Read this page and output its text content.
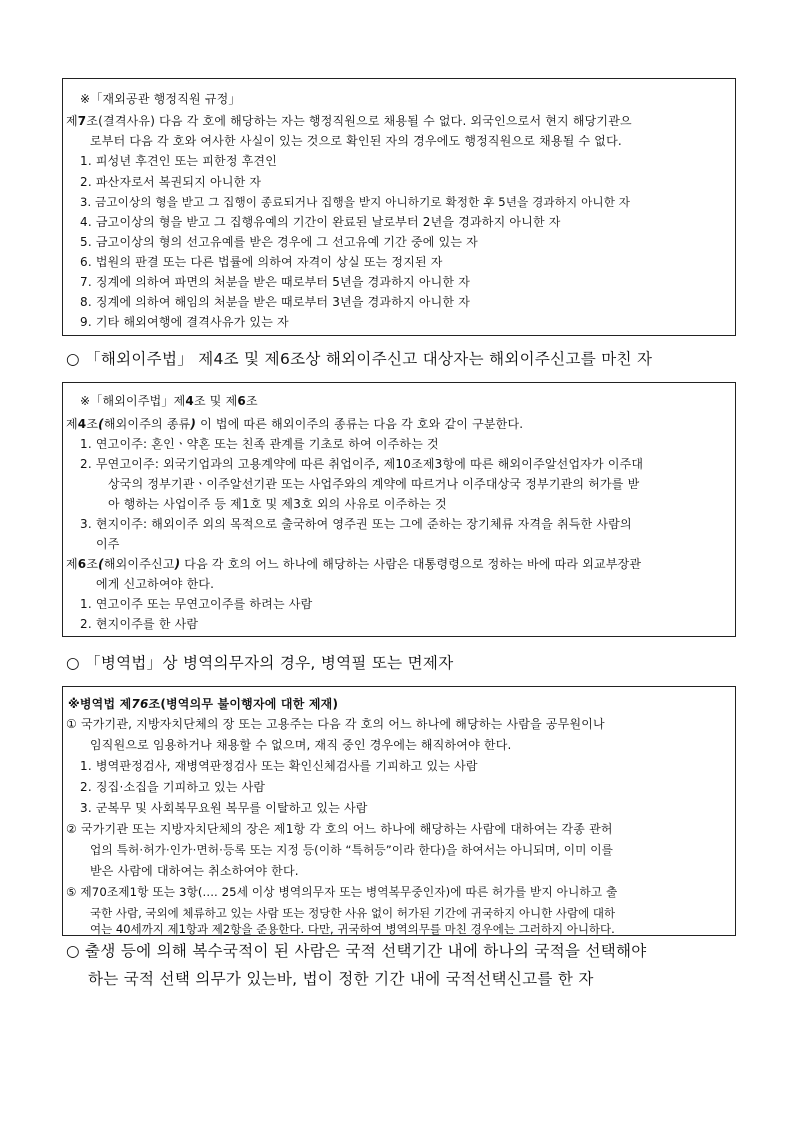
※「재외공관 행정직원 규정」
제7조(결격사유) 다음 각 호에 해당하는 자는 행정직원으로 채용될 수 없다. 외국인으로서 현지 해당기관으
로부터 다음 각 호와 여사한 사실이 있는 것으로 확인된 자의 경우에도 행정직원으로 채용될 수 없다.
1. 피성년 후견인 또는 피한정 후견인
2. 파산자로서 복권되지 아니한 자
3. 금고이상의 형을 받고 그 집행이 종료되거나 집행을 받지 아니하기로 확정한 후 5년을 경과하지 아니한 자
4. 금고이상의 형을 받고 그 집행유예의 기간이 완료된 날로부터 2년을 경과하지 아니한 자
5. 금고이상의 형의 선고유예를 받은 경우에 그 선고유예 기간 중에 있는 자
6. 법원의 판결 또는 다른 법률에 의하여 자격이 상실 또는 정지된 자
7. 징계에 의하여 파면의 처분을 받은 때로부터 5년을 경과하지 아니한 자
8. 징계에 의하여 해임의 처분을 받은 때로부터 3년을 경과하지 아니한 자
9. 기타 해외여행에 결격사유가 있는 자
○ 「해외이주법」 제4조 및 제6조상 해외이주신고 대상자는 해외이주신고를 마친 자
※「해외이주법」제4조 및 제6조
제4조(해외이주의 종류) 이 법에 따른 해외이주의 종류는 다음 각 호와 같이 구분한다.
1. 연고이주: 혼인ㆍ약혼 또는 친족 관계를 기초로 하여 이주하는 것
2. 무연고이주: 외국기업과의 고용계약에 따른 취업이주, 제10조제3항에 따른 해외이주알선업자가 이주대
상국의 정부기관ㆍ이주알선기관 또는 사업주와의 계약에 따르거나 이주대상국 정부기관의 허가를 받
아 행하는 사업이주 등 제1호 및 제3호 외의 사유로 이주하는 것
3. 현지이주: 해외이주 외의 목적으로 출국하여 영주권 또는 그에 준하는 장기체류 자격을 취득한 사람의
이주
제6조(해외이주신고) 다음 각 호의 어느 하나에 해당하는 사람은 대통령령으로 정하는 바에 따라 외교부장관
에게 신고하여야 한다.
1. 연고이주 또는 무연고이주를 하려는 사람
2. 현지이주를 한 사람
○ 「병역법」상 병역의무자의 경우, 병역필 또는 면제자
※병역법 제76조(병역의무 불이행자에 대한 제재)
① 국가기관, 지방자치단체의 장 또는 고용주는 다음 각 호의 어느 하나에 해당하는 사람을 공무원이나
임직원으로 임용하거나 채용할 수 없으며, 재직 중인 경우에는 해직하여야 한다.
1. 병역판정검사, 재병역판정검사 또는 확인신체검사를 기피하고 있는 사람
2. 징집·소집을 기피하고 있는 사람
3. 군복무 및 사회복무요원 복무를 이탈하고 있는 사람
② 국가기관 또는 지방자치단체의 장은 제1항 각 호의 어느 하나에 해당하는 사람에 대하여는 각종 관허
업의 특허·허가·인가·면허·등록 또는 지정 등(이하 “특허등”이라 한다)을 하여서는 아니되며, 이미 이를
받은 사람에 대하여는 취소하여야 한다.
⑤ 제70조제1항 또는 3항(.... 25세 이상 병역의무자 또는 병역복무중인자)에 따른 허가를 받지 아니하고 출
국한 사람, 국외에 체류하고 있는 사람 또는 정당한 사유 없이 허가된 기간에 귀국하지 아니한 사람에 대하
여는 40세까지 제1항과 제2항을 준용한다. 다만, 귀국하여 병역의무를 마친 경우에는 그러하지 아니하다.
○ 출생 등에 의해 복수국적이 된 사람은 국적 선택기간 내에 하나의 국적을 선택해야
하는 국적 선택 의무가 있는바, 법이 정한 기간 내에 국적선택신고를 한 자
